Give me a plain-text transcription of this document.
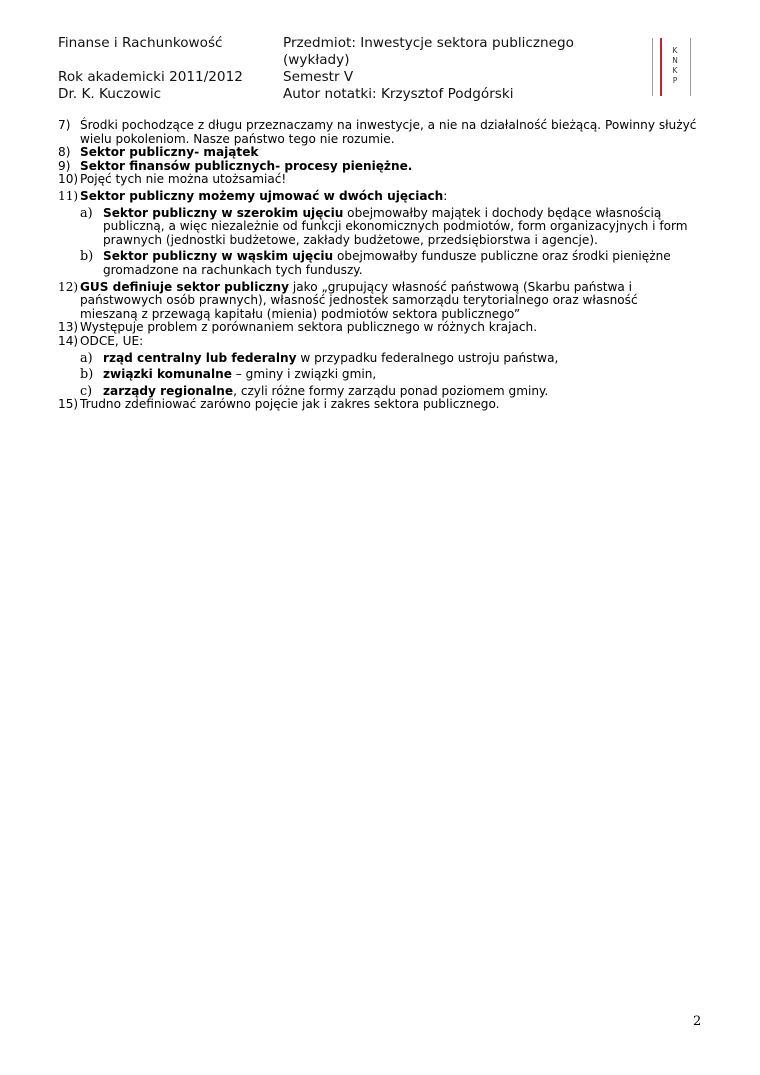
Finanse i Rachunkowość
Rok akademicki 2011/2012
Dr. K. Kuczowic
Przedmiot: Inwestycje sektora publicznego
(wykłady)
Semestr V
Autor notatki: Krzysztof Podgórski
K
N
K
P
7) Środki pochodzące z długu przeznaczamy na inwestycje, a nie na działalność bieżącą. Powinny służyć wielu pokoleniom. Nasze państwo tego nie rozumie.
8) Sektor publiczny- majątek
9) Sektor finansów publicznych- procesy pieniężne.
10) Pojęć tych nie można utożsamiać!
11) Sektor publiczny możemy ujmować w dwóch ujęciach:
a) Sektor publiczny w szerokim ujęciu obejmowałby majątek i dochody będące własnością publiczną, a więc niezależnie od funkcji ekonomicznych podmiotów, form organizacyjnych i form prawnych (jednostki budżetowe, zakłady budżetowe, przedsiębiorstwa i agencje).
b) Sektor publiczny w wąskim ujęciu obejmowałby fundusze publiczne oraz środki pieniężne gromadzone na rachunkach tych funduszy.
12) GUS definiuje sektor publiczny jako „grupujący własność państwową (Skarbu państwa i państwowych osób prawnych), własność jednostek samorządu terytorialnego oraz własność mieszaną z przewagą kapitału (mienia) podmiotów sektora publicznego”
13) Występuje problem z porównaniem sektora publicznego w różnych krajach.
14) ODCE, UE:
a) rząd centralny lub federalny w przypadku federalnego ustroju państwa,
b) związki komunalne – gminy i związki gmin,
c) zarządy regionalne, czyli różne formy zarządu ponad poziomem gminy.
15) Trudno zdefiniować zarówno pojęcie jak i zakres sektora publicznego.
2
